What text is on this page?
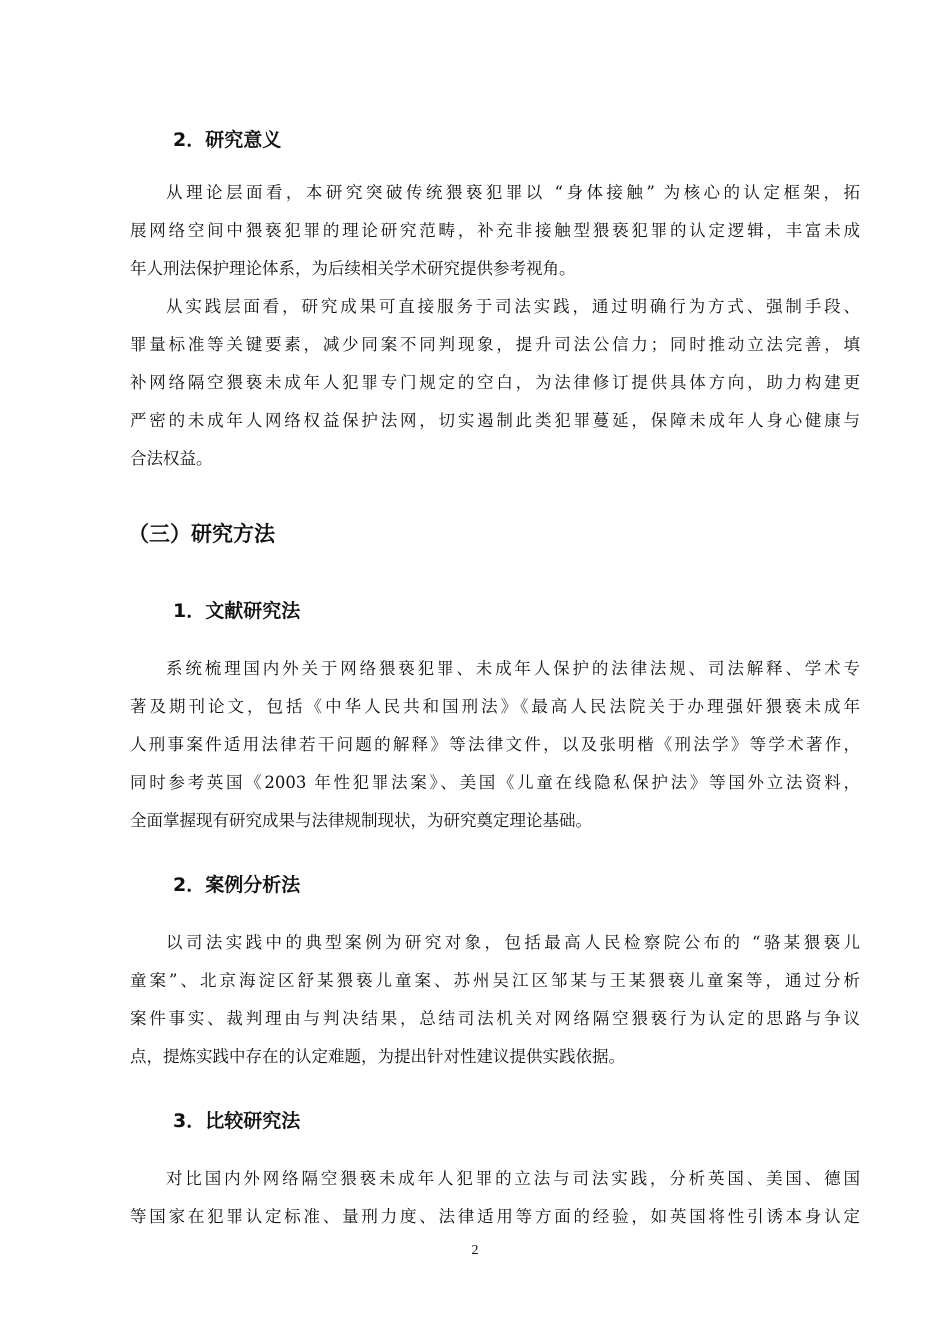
2．研究意义
从理论层面看，本研究突破传统猥亵犯罪以 “身体接触” 为核心的认定框架，拓
展网络空间中猥亵犯罪的理论研究范畴，补充非接触型猥亵犯罪的认定逻辑，丰富未成
年人刑法保护理论体系，为后续相关学术研究提供参考视角。
从实践层面看，研究成果可直接服务于司法实践，通过明确行为方式、强制手段、
罪量标准等关键要素，减少同案不同判现象，提升司法公信力；同时推动立法完善，填
补网络隔空猥亵未成年人犯罪专门规定的空白，为法律修订提供具体方向，助力构建更
严密的未成年人网络权益保护法网，切实遏制此类犯罪蔓延，保障未成年人身心健康与
合法权益。
（三）研究方法
1．文献研究法
系统梳理国内外关于网络猥亵犯罪、未成年人保护的法律法规、司法解释、学术专
著及期刊论文，包括《中华人民共和国刑法》《最高人民法院关于办理强奸猥亵未成年
人刑事案件适用法律若干问题的解释》等法律文件，以及张明楷《刑法学》等学术著作，
同时参考英国《2003 年性犯罪法案》、美国《儿童在线隐私保护法》等国外立法资料，
全面掌握现有研究成果与法律规制现状，为研究奠定理论基础。
2．案例分析法
以司法实践中的典型案例为研究对象，包括最高人民检察院公布的 “骆某猥亵儿
童案”、北京海淀区舒某猥亵儿童案、苏州吴江区邹某与王某猥亵儿童案等，通过分析
案件事实、裁判理由与判决结果，总结司法机关对网络隔空猥亵行为认定的思路与争议
点，提炼实践中存在的认定难题，为提出针对性建议提供实践依据。
3．比较研究法
对比国内外网络隔空猥亵未成年人犯罪的立法与司法实践，分析英国、美国、德国
等国家在犯罪认定标准、量刑力度、法律适用等方面的经验，如英国将性引诱本身认定
2
